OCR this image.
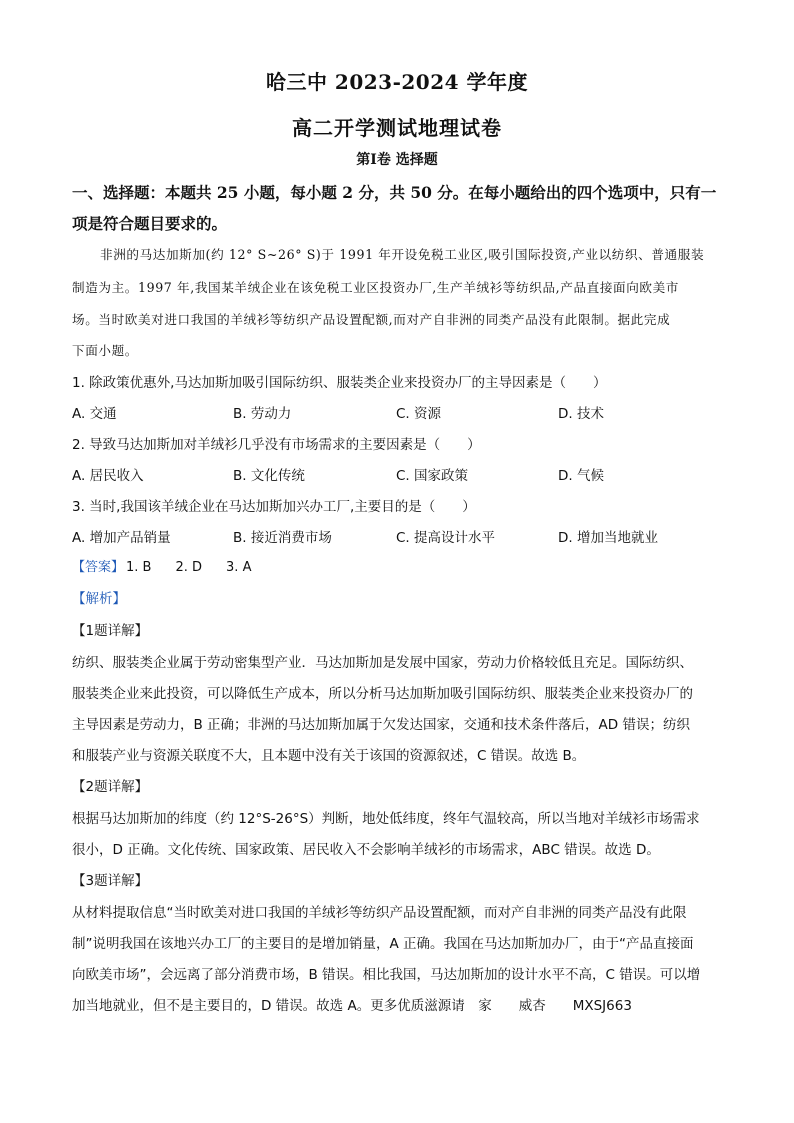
哈三中 2023-2024 学年度
高二开学测试地理试卷
第Ⅰ卷 选择题
一、选择题：本题共 25 小题，每小题 2 分，共 50 分。在每小题给出的四个选项中，只有一
项是符合题目要求的。
非洲的马达加斯加(约 12° S~26° S)于 1991 年开设免税工业区,吸引国际投资,产业以纺织、普通服装
制造为主。1997 年,我国某羊绒企业在该免税工业区投资办厂,生产羊绒衫等纺织品,产品直接面向欧美市
场。当时欧美对进口我国的羊绒衫等纺织产品设置配额,而对产自非洲的同类产品没有此限制。据此完成
下面小题。
1. 除政策优惠外,马达加斯加吸引国际纺织、服装类企业来投资办厂的主导因素是（　　）
A. 交通	B. 劳动力	C. 资源	D. 技术
2. 导致马达加斯加对羊绒衫几乎没有市场需求的主要因素是（　　）
A. 居民收入	B. 文化传统	C. 国家政策	D. 气候
3. 当时,我国该羊绒企业在马达加斯加兴办工厂,主要目的是（　　）
A. 增加产品销量	B. 接近消费市场	C. 提高设计水平	D. 增加当地就业
【答案】 1. B 2. D 3. A
【解析】
【1题详解】
纺织、服装类企业属于劳动密集型产业．马达加斯加是发展中国家，劳动力价格较低且充足。国际纺织、
服装类企业来此投资，可以降低生产成本，所以分析马达加斯加吸引国际纺织、服装类企业来投资办厂的
主导因素是劳动力，B 正确；非洲的马达加斯加属于欠发达国家，交通和技术条件落后，AD 错误；纺织
和服装产业与资源关联度不大，且本题中没有关于该国的资源叙述，C 错误。故选 B。
【2题详解】
根据马达加斯加的纬度（约 12°S-26°S）判断，地处低纬度，终年气温较高，所以当地对羊绒衫市场需求
很小，D 正确。文化传统、国家政策、居民收入不会影响羊绒衫的市场需求，ABC 错误。故选 D。
【3题详解】
从材料提取信息“当时欧美对进口我国的羊绒衫等纺织产品设置配额，而对产自非洲的同类产品没有此限
制”说明我国在该地兴办工厂的主要目的是增加销量，A 正确。我国在马达加斯加办厂，由于“产品直接面
向欧美市场”，会远离了部分消费市场，B 错误。相比我国，马达加斯加的设计水平不高，C 错误。可以增
加当地就业，但不是主要目的，D 错误。故选 A。更多优质滋源请　家　　威杏　　MXSJ663
